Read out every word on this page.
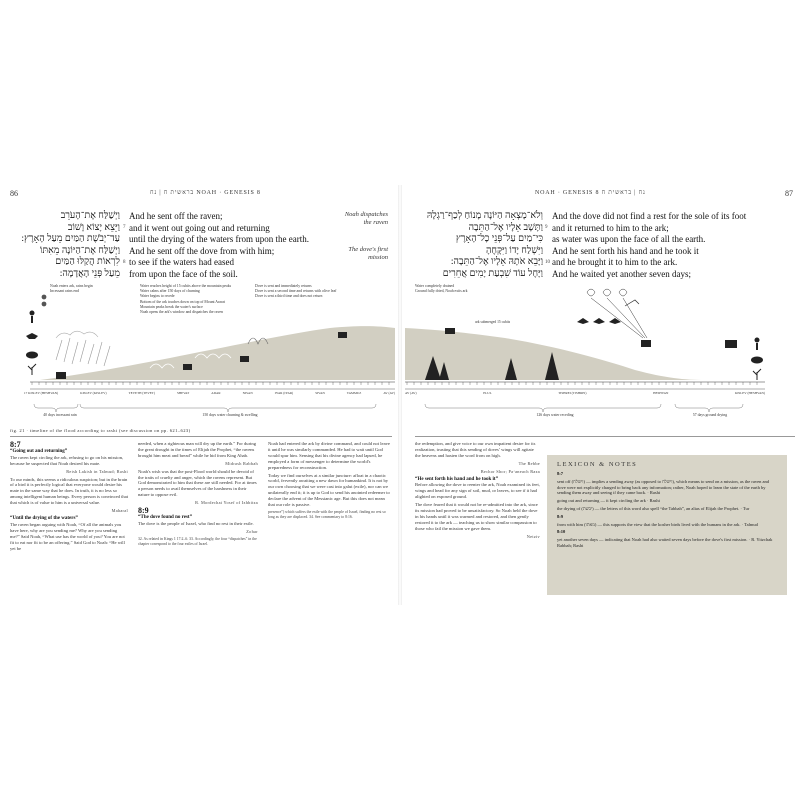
86	בראשית ח | נח NOAH · GENESIS 8
וַיְשַׁלַּח אֶת־הָעֹרֵב
וַיֵּצֵא יָצוֹא וָשׁוֹב
עַד־יְבֹשֶׁת הַמַּיִם מֵעַל הָאָרֶץ:
וַיְשַׁלַּח אֶת־הַיּוֹנָה מֵאִתּוֹ
לִרְאוֹת הֲקַלּוּ הַמַּיִם
מֵעַל פְּנֵי הָאֲדָמָה:
7
8
And he sent off the raven;
and it went out going out and returning
until the drying of the waters from upon the earth.
And he sent off the dove from with him;
to see if the waters had eased
from upon the face of the soil.
Noah dispatches the raven
The dove's first mission
Noah enters ark, rains begin
Incessant rains end
Water reaches height of 15 cubits above the mountain peaks
Water calms after 150 days of churning
Water begins to recede
Bottom of the ark touches down on top of Mount Ararat
Mountain peaks break the water's surface
Noah opens the ark's window and dispatches the raven
Dove is sent and immediately returns
Dove is sent a second time and returns with olive leaf
Dove is sent a third time and does not return
17 KISLEV (HESHVAN)	KISLEV (KISLEV)	TEVETH (TEVET)	SHEVAT	ADAR	NISAN	IYAR (IYAR)	SIVAN	TAMMUZ	AV (AV)
40 days incessant rain	150 days water churning & swelling
fig. 21 · timeline of the flood according to rashi (see discussion on pp. 621–623)
8:7
“Going out and returning”
The raven kept circling the ark, refusing to go on his mission, because he suspected that Noah desired his mate.
Reish Lakish in Talmud; Rashi
To our minds, this seems a ridiculous suspicion; but in the brain of a bird it is perfectly logical that everyone would desire his mate in the same way that he does. In truth, it is no less so among intelligent human beings. Every person is convinced that that which is of value to him is a universal value.
Maharal
“Until the drying of the waters”
The raven began arguing with Noah, “Of all the animals you have here, why are you sending me? Why are you sending me?” Said Noah, “What use has the world of you? You are not fit to eat nor fit to be an offering.” Said God to Noah: “He will yet be
needed, when a righteous man will dry up the earth.” For during the great drought in the times of Elijah the Prophet, “the ravens brought him meat and bread” while he hid from King Ahab.
Midrash Rabbah
Noah's wish was that the post-Flood world should be devoid of the traits of cruelty and anger, which the ravens represent. But God demonstrated to him that these are still needed. For at times a person needs to avail themselves of the harshness in their nature to oppose evil.
R. Mordechai Yosef of Izhbitza
8:9
“The dove found no rest”
The dove is the people of Israel, who find no rest in their exile.
Zohar
32. As related in Kings 1 17:2–6. 33. Accordingly, the four “dispatches” in the chapter correspond to the four exiles of Israel.
Noah had entered the ark by divine command, and could not leave it until he was similarly commanded. He had to wait until God would spur him. Sensing that his divine agency had lapsed, he employed a form of messenger to determine the world's preparedness for reconstruction.
Today we find ourselves at a similar juncture: afloat in a chaotic world, fervently awaiting a new dawn for humankind. It is not by our own choosing that we were cast into galut (exile), nor can we unilaterally end it; it is up to God to send his anointed redeemer to declare the advent of the Messianic age. But this does not mean that our role is passive.
presence”) which suffers the exile with the people of Israel, finding no rest so long as they are displaced. 34. See commentary to 8:16.
NOAH · GENESIS 8 נח | בראשית ח	87
וְלֹא־מָצְאָה הַיּוֹנָה מָנוֹחַ לְכַף־רַגְלָהּ
וַתָּשָׁב אֵלָיו אֶל־הַתֵּבָה
כִּי־מַיִם עַל־פְּנֵי כָל־הָאָרֶץ
וַיִּשְׁלַח יָדוֹ וַיִּקָּחֶהָ
וַיָּבֵא אֹתָהּ אֵלָיו אֶל־הַתֵּבָה:
וַיָּחֶל עוֹד שִׁבְעַת יָמִים אֲחֵרִים
9
10
And the dove did not find a rest for the sole of its foot
and it returned to him to the ark;
as water was upon the face of all the earth.
And he sent forth his hand and he took it
and he brought it to him to the ark.
And he waited yet another seven days;
Water completely drained
Ground fully dried, Noah exits ark
ark submerged 15 cubits
AV (AV)	ELUL	TISHREI (TISHREI)	HESHVAN	KISLEV (HESHVAN)
126 days water receding	57 days ground drying
the redemption, and give voice to our own impatient desire for its realization, trusting that this sending of doves’ wings will agitate the heavens and hasten the word from on high.
The Rebbe
Bechor Shor; Pa‘aneach Raza
“He sent forth his hand and he took it”
Before allowing the dove to reenter the ark, Noah examined its feet, wings and head for any sign of soil, mud, or leaves, to see if it had alighted on exposed ground.
The dove feared that it would not be re-admitted into the ark, since its mission had proved to be unsatisfactory. So Noah held the dove in his hands until it was warmed and restored, and then gently restored it to the ark — teaching us to show similar compassion to those who fail the mission we gave them.
Netziv
LEXICON & NOTES

8:7

sent off (וישלח) — implies a sending away (as opposed to וישלח), which means to send on a mission, as the raven and dove were not explicitly charged to bring back any information; rather, Noah hoped to learn the state of the earth by sending them away and seeing if they came back. · Rashi

going out and returning — it kept circling the ark · Rashi

the drying of (יבשת) — the letters of this word also spell “the Tabbah”, an alias of Elijah the Prophet. · Tur

8:9

from with him (מאתו) — this supports the view that the kosher birds lived with the humans in the ark. · Talmud

8:10

yet another seven days — indicating that Noah had also waited seven days before the dove's first mission. · R. Yitzchak Rabbah; Rashi
